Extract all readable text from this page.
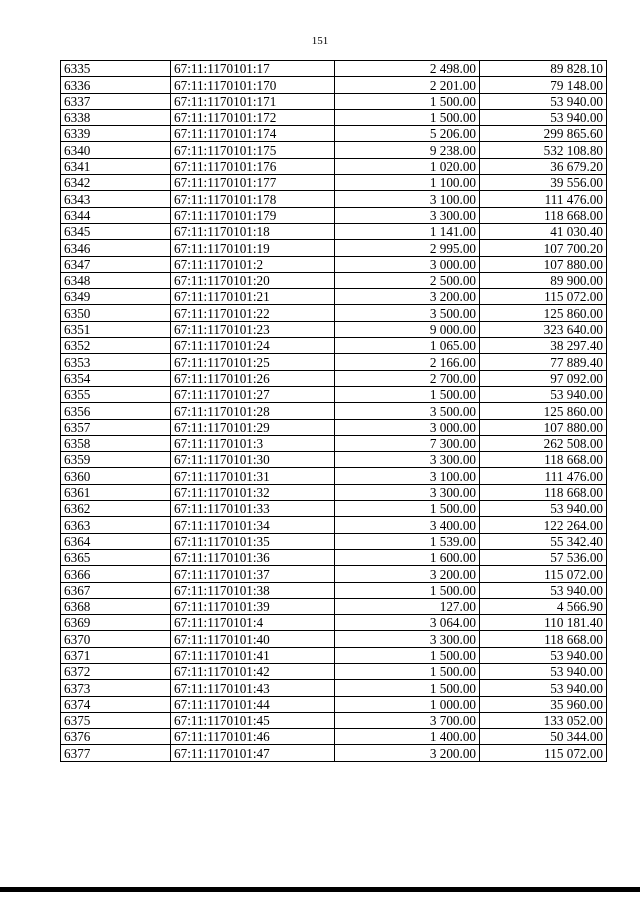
151
6335	67:11:1170101:17	2 498.00	89 828.10
6336	67:11:1170101:170	2 201.00	79 148.00
6337	67:11:1170101:171	1 500.00	53 940.00
6338	67:11:1170101:172	1 500.00	53 940.00
6339	67:11:1170101:174	5 206.00	299 865.60
6340	67:11:1170101:175	9 238.00	532 108.80
6341	67:11:1170101:176	1 020.00	36 679.20
6342	67:11:1170101:177	1 100.00	39 556.00
6343	67:11:1170101:178	3 100.00	111 476.00
6344	67:11:1170101:179	3 300.00	118 668.00
6345	67:11:1170101:18	1 141.00	41 030.40
6346	67:11:1170101:19	2 995.00	107 700.20
6347	67:11:1170101:2	3 000.00	107 880.00
6348	67:11:1170101:20	2 500.00	89 900.00
6349	67:11:1170101:21	3 200.00	115 072.00
6350	67:11:1170101:22	3 500.00	125 860.00
6351	67:11:1170101:23	9 000.00	323 640.00
6352	67:11:1170101:24	1 065.00	38 297.40
6353	67:11:1170101:25	2 166.00	77 889.40
6354	67:11:1170101:26	2 700.00	97 092.00
6355	67:11:1170101:27	1 500.00	53 940.00
6356	67:11:1170101:28	3 500.00	125 860.00
6357	67:11:1170101:29	3 000.00	107 880.00
6358	67:11:1170101:3	7 300.00	262 508.00
6359	67:11:1170101:30	3 300.00	118 668.00
6360	67:11:1170101:31	3 100.00	111 476.00
6361	67:11:1170101:32	3 300.00	118 668.00
6362	67:11:1170101:33	1 500.00	53 940.00
6363	67:11:1170101:34	3 400.00	122 264.00
6364	67:11:1170101:35	1 539.00	55 342.40
6365	67:11:1170101:36	1 600.00	57 536.00
6366	67:11:1170101:37	3 200.00	115 072.00
6367	67:11:1170101:38	1 500.00	53 940.00
6368	67:11:1170101:39	127.00	4 566.90
6369	67:11:1170101:4	3 064.00	110 181.40
6370	67:11:1170101:40	3 300.00	118 668.00
6371	67:11:1170101:41	1 500.00	53 940.00
6372	67:11:1170101:42	1 500.00	53 940.00
6373	67:11:1170101:43	1 500.00	53 940.00
6374	67:11:1170101:44	1 000.00	35 960.00
6375	67:11:1170101:45	3 700.00	133 052.00
6376	67:11:1170101:46	1 400.00	50 344.00
6377	67:11:1170101:47	3 200.00	115 072.00
